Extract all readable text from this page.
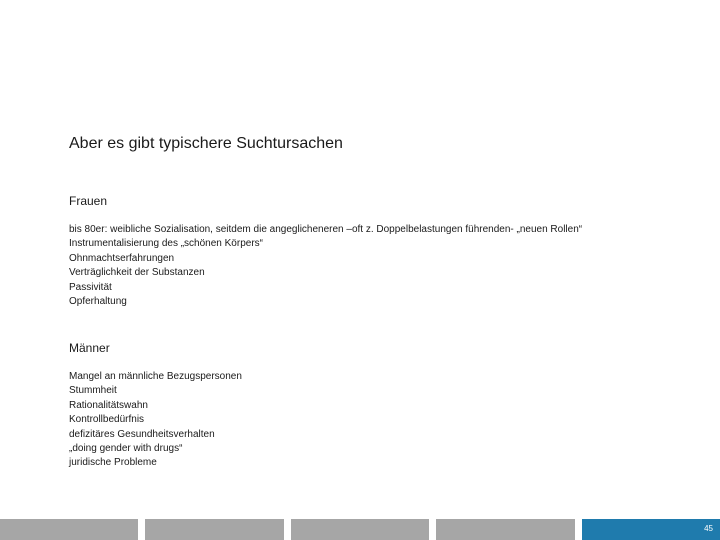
Aber es gibt typischere Suchtursachen
Frauen
bis 80er: weibliche Sozialisation, seitdem die angeglicheneren –oft z. Doppelbelastungen führenden- „neuen Rollen“
Instrumentalisierung des „schönen Körpers“
Ohnmachtserfahrungen
Verträglichkeit der Substanzen
Passivität
Opferhaltung
Männer
Mangel an männliche Bezugspersonen
Stummheit
Rationalitätswahn
Kontrollbedürfnis
defizitäres Gesundheitsverhalten
„doing gender with drugs“
juridische Probleme
45
